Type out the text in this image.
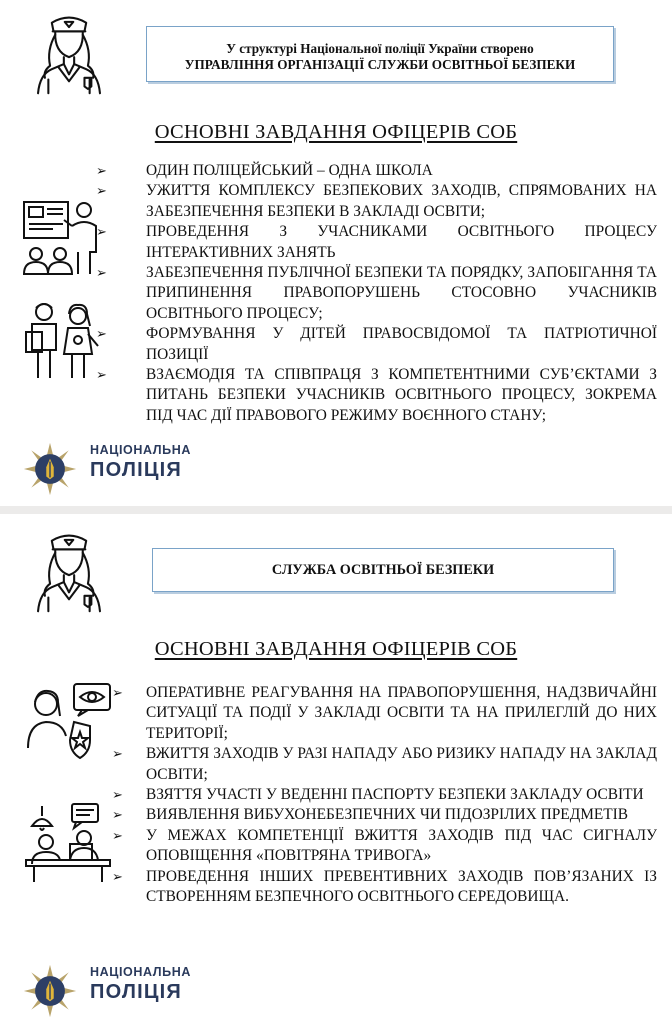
У структурі Національної поліції України створено
УПРАВЛІННЯ ОРГАНІЗАЦІЇ СЛУЖБИ ОСВІТНЬОЇ БЕЗПЕКИ
ОСНОВНІ ЗАВДАННЯ ОФІЦЕРІВ СОБ
➢	ОДИН ПОЛІЦЕЙСЬКИЙ – ОДНА ШКОЛА
➢	УЖИТТЯ КОМПЛЕКСУ БЕЗПЕКОВИХ ЗАХОДІВ, СПРЯМОВАНИХ НА ЗАБЕЗПЕЧЕННЯ БЕЗПЕКИ В ЗАКЛАДІ ОСВІТИ;
➢	ПРОВЕДЕННЯ З УЧАСНИКАМИ ОСВІТНЬОГО ПРОЦЕСУ ІНТЕРАКТИВНИХ ЗАНЯТЬ
➢	ЗАБЕЗПЕЧЕННЯ ПУБЛІЧНОЇ БЕЗПЕКИ ТА ПОРЯДКУ, ЗАПОБІГАННЯ ТА ПРИПИНЕННЯ ПРАВОПОРУШЕНЬ СТОСОВНО УЧАСНИКІВ ОСВІТНЬОГО ПРОЦЕСУ;
➢	ФОРМУВАННЯ У ДІТЕЙ ПРАВОСВІДОМОЇ ТА ПАТРІОТИЧНОЇ ПОЗИЦІЇ
➢	ВЗАЄМОДІЯ ТА СПІВПРАЦЯ З КОМПЕТЕНТНИМИ СУБ’ЄКТАМИ З ПИТАНЬ БЕЗПЕКИ УЧАСНИКІВ ОСВІТНЬОГО ПРОЦЕСУ, ЗОКРЕМА ПІД ЧАС ДІЇ ПРАВОВОГО РЕЖИМУ ВОЄННОГО СТАНУ;
НАЦІОНАЛЬНА
ПОЛІЦІЯ
СЛУЖБА ОСВІТНЬОЇ БЕЗПЕКИ
ОСНОВНІ ЗАВДАННЯ ОФІЦЕРІВ СОБ
➢ ОПЕРАТИВНЕ РЕАГУВАННЯ НА ПРАВОПОРУШЕННЯ, НАДЗВИЧАЙНІ СИТУАЦІЇ ТА ПОДІЇ У ЗАКЛАДІ ОСВІТИ ТА НА ПРИЛЕГЛІЙ ДО НИХ ТЕРИТОРІЇ;
➢ ВЖИТТЯ ЗАХОДІВ У РАЗІ НАПАДУ АБО РИЗИКУ НАПАДУ НА ЗАКЛАД ОСВІТИ;
➢ ВЗЯТТЯ УЧАСТІ У ВЕДЕННІ ПАСПОРТУ БЕЗПЕКИ ЗАКЛАДУ ОСВІТИ
➢ ВИЯВЛЕННЯ ВИБУХОНЕБЕЗПЕЧНИХ ЧИ ПІДОЗРІЛИХ ПРЕДМЕТІВ
➢ У МЕЖАХ КОМПЕТЕНЦІЇ ВЖИТТЯ ЗАХОДІВ ПІД ЧАС СИГНАЛУ ОПОВІЩЕННЯ «ПОВІТРЯНА ТРИВОГА»
➢ ПРОВЕДЕННЯ ІНШИХ ПРЕВЕНТИВНИХ ЗАХОДІВ ПОВ’ЯЗАНИХ ІЗ СТВОРЕННЯМ БЕЗПЕЧНОГО ОСВІТНЬОГО СЕРЕДОВИЩА.
НАЦІОНАЛЬНА
ПОЛІЦІЯ
